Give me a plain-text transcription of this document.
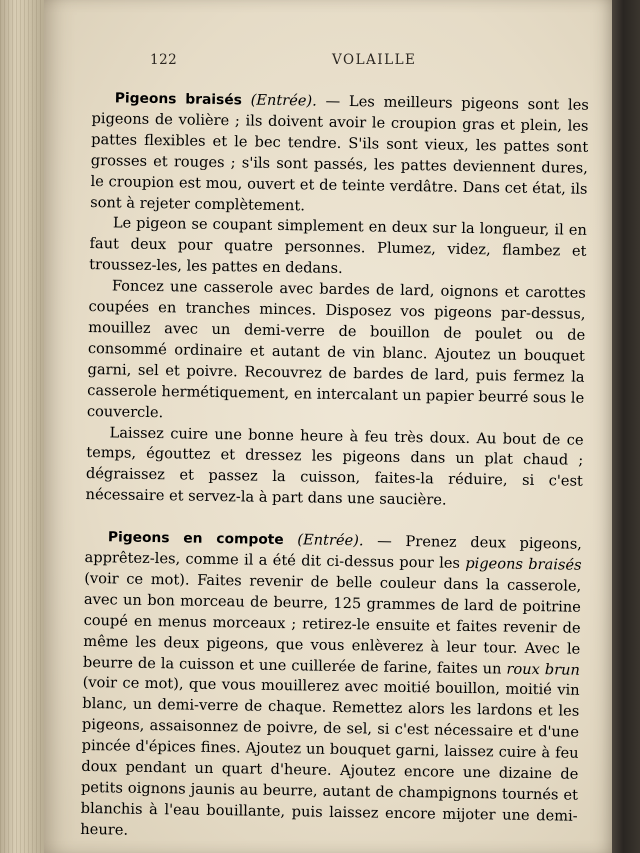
122	VOLAILLE

Pigeons braisés (Entrée). — Les meilleurs pigeons sont les pigeons de volière ; ils doivent avoir le croupion gras et plein, les pattes flexibles et le bec tendre. S'ils sont vieux, les pattes sont grosses et rouges ; s'ils sont passés, les pattes deviennent dures, le croupion est mou, ouvert et de teinte verdâtre. Dans cet état, ils sont à rejeter complètement.

Le pigeon se coupant simplement en deux sur la longueur, il en faut deux pour quatre personnes. Plumez, videz, flambez et troussez-les, les pattes en dedans.

Foncez une casserole avec bardes de lard, oignons et carottes coupées en tranches minces. Disposez vos pigeons par-dessus, mouillez avec un demi-verre de bouillon de poulet ou de consommé ordinaire et autant de vin blanc. Ajoutez un bouquet garni, sel et poivre. Recouvrez de bardes de lard, puis fermez la casserole hermétiquement, en intercalant un papier beurré sous le couvercle.

Laissez cuire une bonne heure à feu très doux. Au bout de ce temps, égouttez et dressez les pigeons dans un plat chaud ; dégraissez et passez la cuisson, faites-la réduire, si c'est nécessaire et servez-la à part dans une saucière.

Pigeons en compote (Entrée). — Prenez deux pigeons, apprêtez-les, comme il a été dit ci-dessus pour les pigeons braisés (voir ce mot). Faites revenir de belle couleur dans la casserole, avec un bon morceau de beurre, 125 grammes de lard de poitrine coupé en menus morceaux ; retirez-le ensuite et faites revenir de même les deux pigeons, que vous enlèverez à leur tour. Avec le beurre de la cuisson et une cuillerée de farine, faites un roux brun (voir ce mot), que vous mouillerez avec moitié bouillon, moitié vin blanc, un demi-verre de chaque. Remettez alors les lardons et les pigeons, assaisonnez de poivre, de sel, si c'est nécessaire et d'une pincée d'épices fines. Ajoutez un bouquet garni, laissez cuire à feu doux pendant un quart d'heure. Ajoutez encore une dizaine de petits oignons jaunis au beurre, autant de champignons tournés et blanchis à l'eau bouillante, puis laissez encore mijoter une demi-heure.
